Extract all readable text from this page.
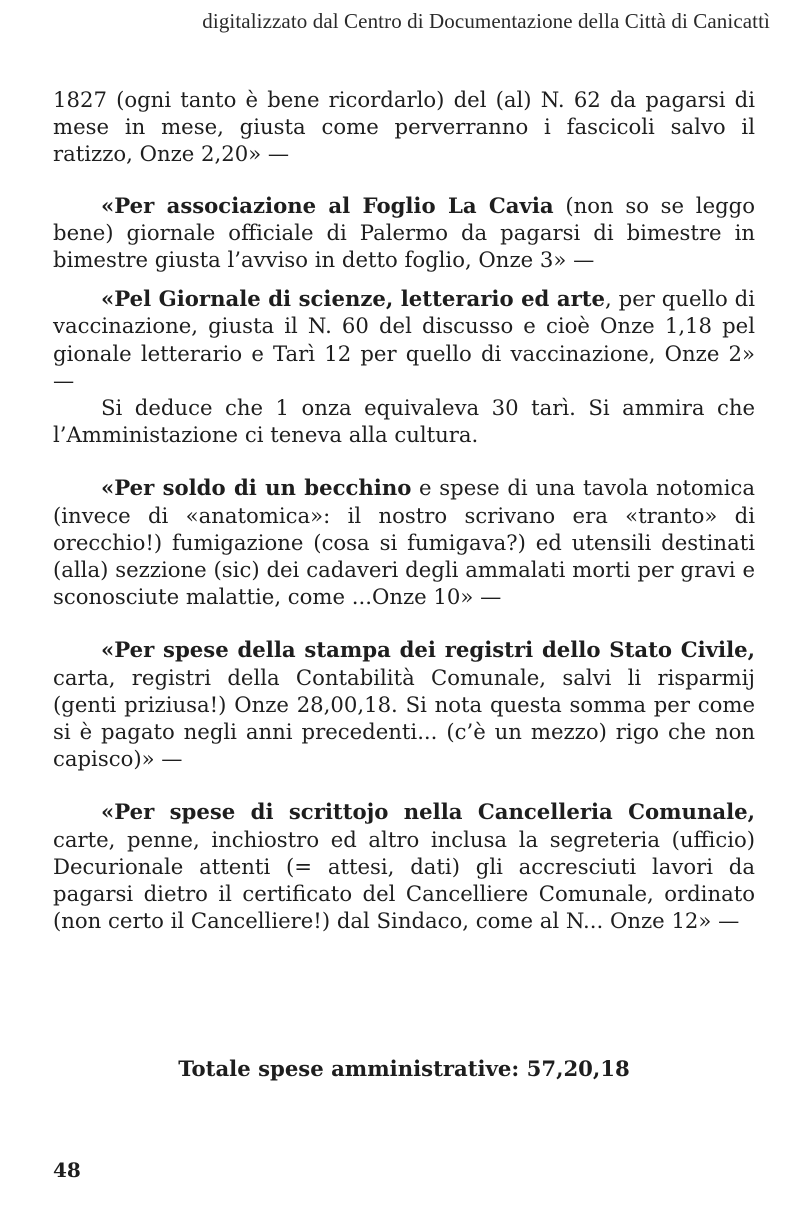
digitalizzato dal Centro di Documentazione della Città di Canicattì

1827 (ogni tanto è bene ricordarlo) del (al) N. 62 da pagarsi di mese in mese, giusta come perverranno i fascicoli salvo il ratizzo, Onze 2,20» —

«Per associazione al Foglio La Cavia (non so se leggo bene) giornale officiale di Palermo da pagarsi di bimestre in bimestre giusta l’avviso in detto foglio, Onze 3» —

«Pel Giornale di scienze, letterario ed arte, per quello di vaccinazione, giusta il N. 60 del discusso e cioè Onze 1,18 pel gionale letterario e Tarì 12 per quello di vaccinazione, Onze 2» —

Si deduce che 1 onza equivaleva 30 tarì. Si ammira che l’Amministazione ci teneva alla cultura.

«Per soldo di un becchino e spese di una tavola notomica (invece di «anatomica»: il nostro scrivano era «tranto» di orecchio!) fumigazione (cosa si fumigava?) ed utensili destinati (alla) sezzione (sic) dei cadaveri degli ammalati morti per gravi e sconosciute malattie, come ...Onze 10» —

«Per spese della stampa dei registri dello Stato Civile, carta, registri della Contabilità Comunale, salvi li risparmij (genti priziusa!) Onze 28,00,18. Si nota questa somma per come si è pagato negli anni precedenti... (c’è un mezzo) rigo che non capisco)» —

«Per spese di scrittojo nella Cancelleria Comunale, carte, penne, inchiostro ed altro inclusa la segreteria (ufficio) Decurionale attenti (= attesi, dati) gli accresciuti lavori da pagarsi dietro il certificato del Cancelliere Comunale, ordinato (non certo il Cancelliere!) dal Sindaco, come al N... Onze 12» —

Totale spese amministrative: 57,20,18
48
